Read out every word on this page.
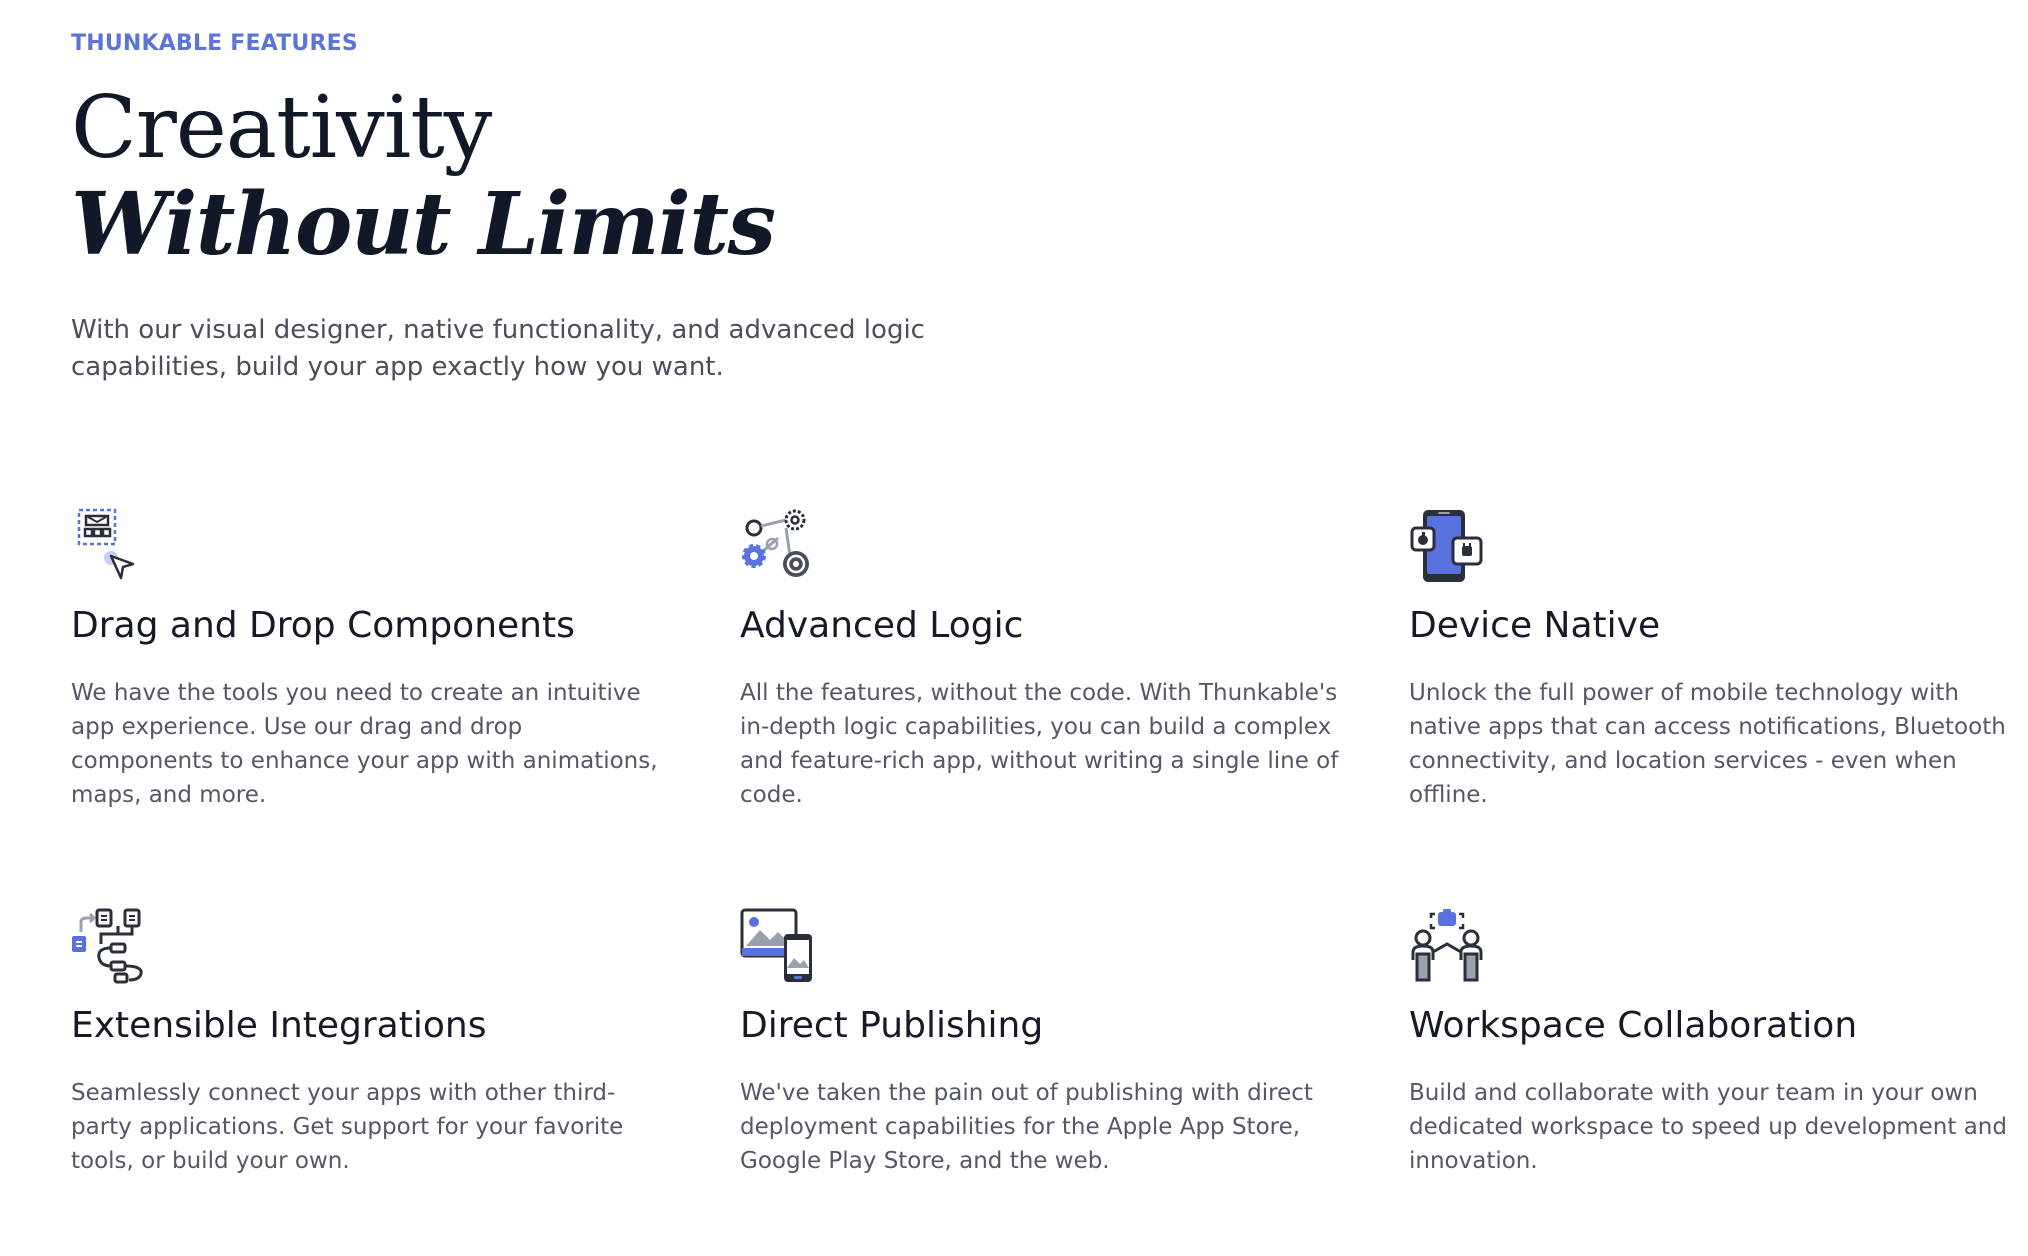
THUNKABLE FEATURES
Creativity
Without Limits

With our visual designer, native functionality, and advanced logic capabilities, build your app exactly how you want.

Drag and Drop Components

We have the tools you need to create an intuitive app experience. Use our drag and drop components to enhance your app with animations, maps, and more.

Advanced Logic

All the features, without the code. With Thunkable's in-depth logic capabilities, you can build a complex and feature-rich app, without writing a single line of code.

Device Native

Unlock the full power of mobile technology with native apps that can access notifications, Bluetooth connectivity, and location services - even when offline.

Extensible Integrations

Seamlessly connect your apps with other third-party applications. Get support for your favorite tools, or build your own.

Direct Publishing

We've taken the pain out of publishing with direct deployment capabilities for the Apple App Store, Google Play Store, and the web.

Workspace Collaboration

Build and collaborate with your team in your own dedicated workspace to speed up development and innovation.
